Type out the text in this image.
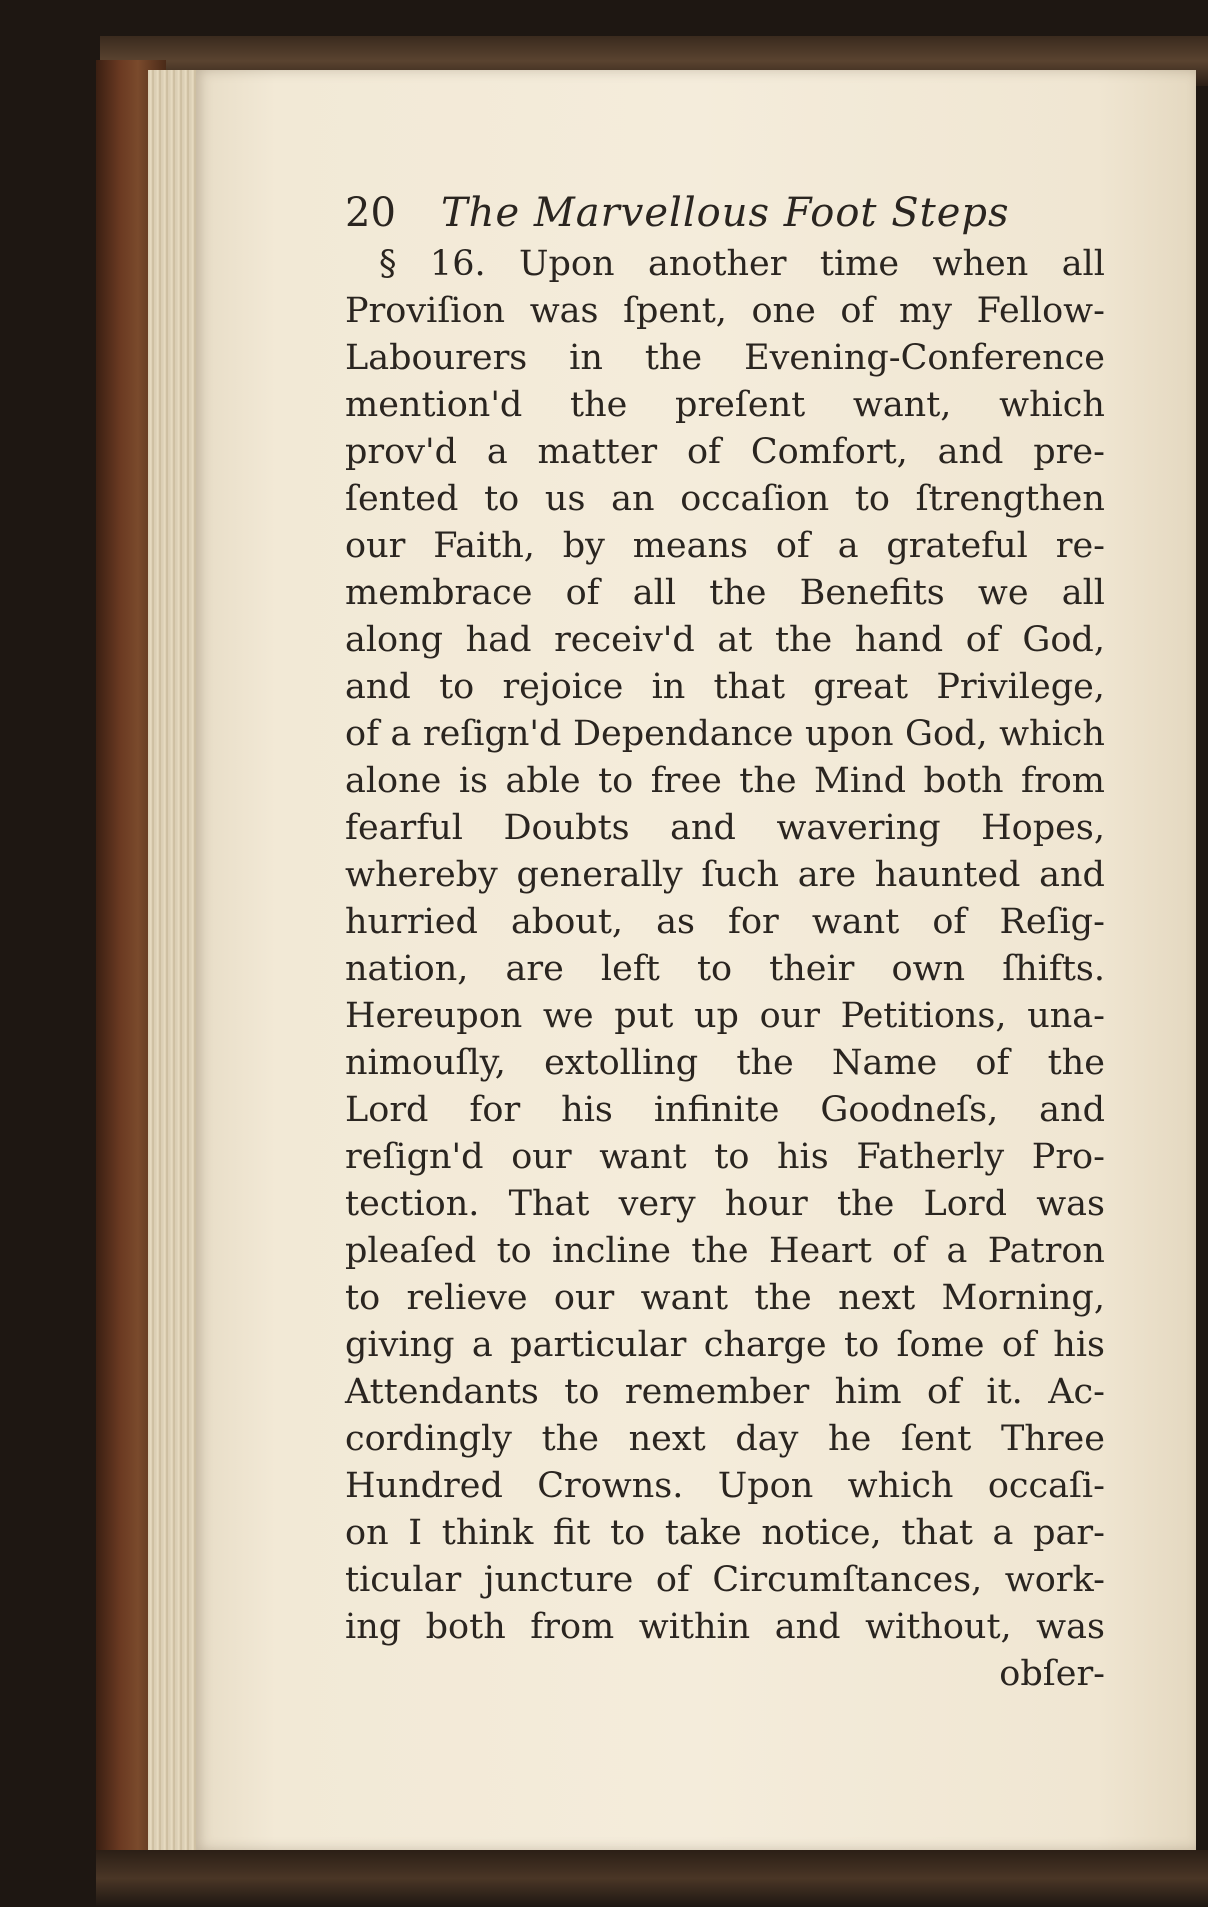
20	The Marvellous Foot Steps
§ 16. Upon another time when all
Proviſion was ſpent, one of my Fellow-
Labourers in the Evening-Conference
mention'd the preſent want, which
prov'd a matter of Comfort, and pre-
ſented to us an occaſion to ſtrengthen
our Faith, by means of a grateful re-
membrace of all the Benefits we all
along had receiv'd at the hand of God,
and to rejoice in that great Privilege,
of a reſign'd Dependance upon God, which
alone is able to free the Mind both from
fearful Doubts and wavering Hopes,
whereby generally ſuch are haunted and
hurried about, as for want of Reſig-
nation, are left to their own ſhifts.
Hereupon we put up our Petitions, una-
nimouſly, extolling the Name of the
Lord for his infinite Goodneſs, and
reſign'd our want to his Fatherly Pro-
tection. That very hour the Lord was
pleaſed to incline the Heart of a Patron
to relieve our want the next Morning,
giving a particular charge to ſome of his
Attendants to remember him of it. Ac-
cordingly the next day he ſent Three
Hundred Crowns. Upon which occaſi-
on I think fit to take notice, that a par-
ticular juncture of Circumſtances, work-
ing both from within and without, was
obſer-
